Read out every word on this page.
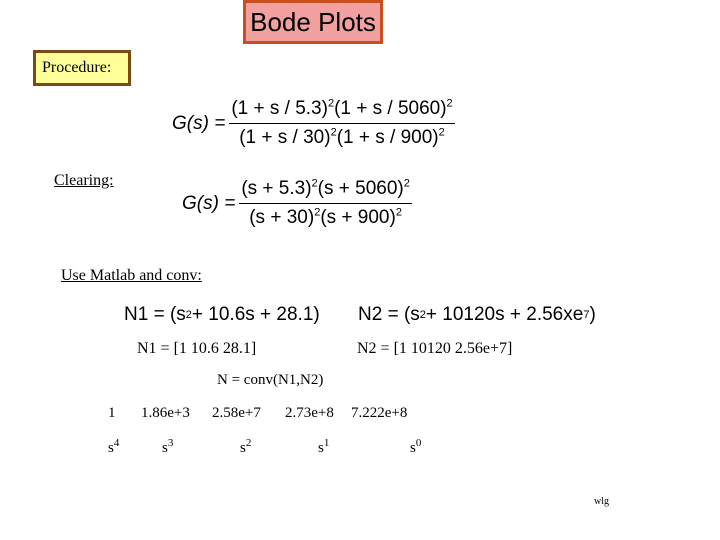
Bode Plots
Procedure:
$G(s) = \frac{(1 + s / 5.3)^2(1 + s / 5060)^2}{(1 + s / 30)^2(1 + s / 900)^2}$
Clearing:
$G(s) = \frac{(s + 5.3)^2(s + 5060)^2}{(s + 30)^2(s + 900)^2}$
Use Matlab and conv:
N1 = (s 2 + 10.6s + 28.1) N2 = (s 2 + 10120s + 2.56xe 7 )
N1 = [1 10.6 28.1]	N2 = [1 10120 2.56e+7]
N = conv(N1,N2)
1 1.86e+3 2.58e+7 2.73e+8 7.222e+8
$s^4$	$s^3$	$s^2$	$s^1$	$s^0$
wlg
